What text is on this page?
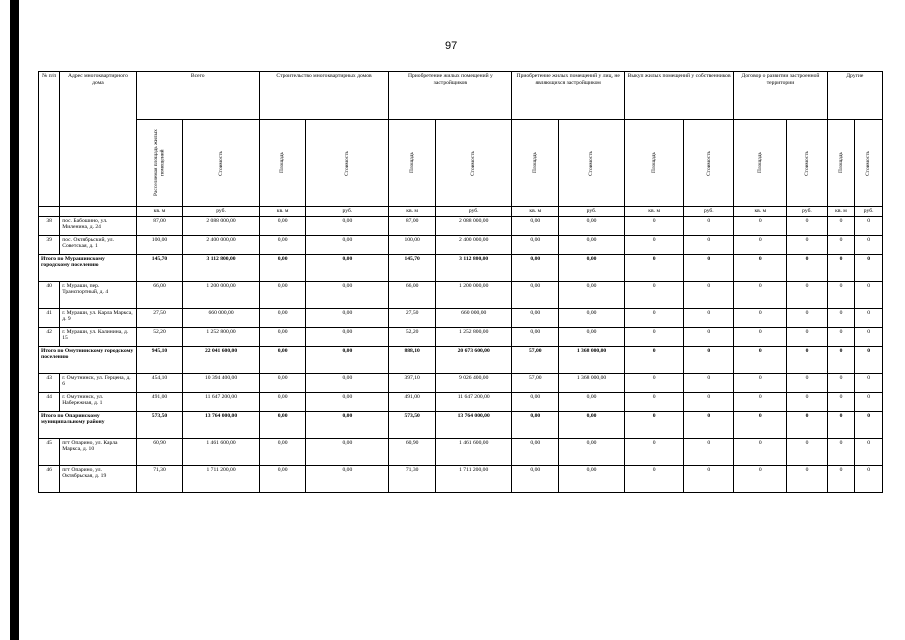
97
№ п/п	Адрес многоквартирного дома	Всего		Строительство многоквартирных домов		Приобретение жилых помещений у застройщиков		Приобретение жилых помещений у лиц, не являющихся застройщиком		Выкуп жилых помещений у собственников		Договор о развитии застроенной территории		Другие	

		Расселяемая площадь жилых помещений	Стоимость	Площадь	Стоимость	Площадь	Стоимость	Площадь	Стоимость	Площадь	Стоимость	Площадь	Стоимость	Площадь	Стоимость

		кв. м	руб.	кв. м	руб.	кв. м	руб.	кв. м	руб.	кв. м	руб.	кв. м	руб.	кв. м	руб.
38	пос. Бабошино, ул. Миленина, д. 24	87,00	2 088 000,00	0,00	0,00	87,00	2 088 000,00	0,00	0,00	0	0	0	0	0	0
39	пос. Октябрьский, ул. Советская, д. 1	100,00	2 400 000,00	0,00	0,00	100,00	2 400 000,00	0,00	0,00	0	0	0	0	0	0
Итого по Мурашинскому городскому поселению		145,70	3 112 800,00	0,00	0,00	145,70	3 112 800,00	0,00	0,00	0	0	0	0	0	0
40	г. Мураши, пер. Транспортный, д. 4	66,00	1 200 000,00	0,00	0,00	66,00	1 200 000,00	0,00	0,00	0	0	0	0	0	0
41	г. Мураши, ул. Карла Маркса, д. 9	27,50	660 000,00	0,00	0,00	27,50	660 000,00	0,00	0,00	0	0	0	0	0	0
42	г. Мураши, ул. Калинина, д. 15	52,20	1 252 800,00	0,00	0,00	52,20	1 252 800,00	0,00	0,00	0	0	0	0	0	0
Итого по Омутнинскому городскому поселению		945,10	22 041 600,00	0,00	0,00	888,10	20 673 600,00	57,00	1 368 000,00	0	0	0	0	0	0
43	г. Омутнинск, ул. Герцена, д. 6	454,10	10 394 400,00	0,00	0,00	397,10	9 026 400,00	57,00	1 368 000,00	0	0	0	0	0	0
44	г. Омутнинск, ул. Набережная, д. 1	491,00	11 647 200,00	0,00	0,00	491,00	11 647 200,00	0,00	0,00	0	0	0	0	0	0
Итого по Опаринскому муниципальному району		573,50	13 764 000,00	0,00	0,00	573,50	13 764 000,00	0,00	0,00	0	0	0	0	0	0
45	пгт Опарино, ул. Карла Маркса, д. 10	60,90	1 461 600,00	0,00	0,00	60,90	1 461 600,00	0,00	0,00	0	0	0	0	0	0
46	пгт Опарино, ул. Октябрьская, д. 19	71,30	1 711 200,00	0,00	0,00	71,30	1 711 200,00	0,00	0,00	0	0	0	0	0	0
